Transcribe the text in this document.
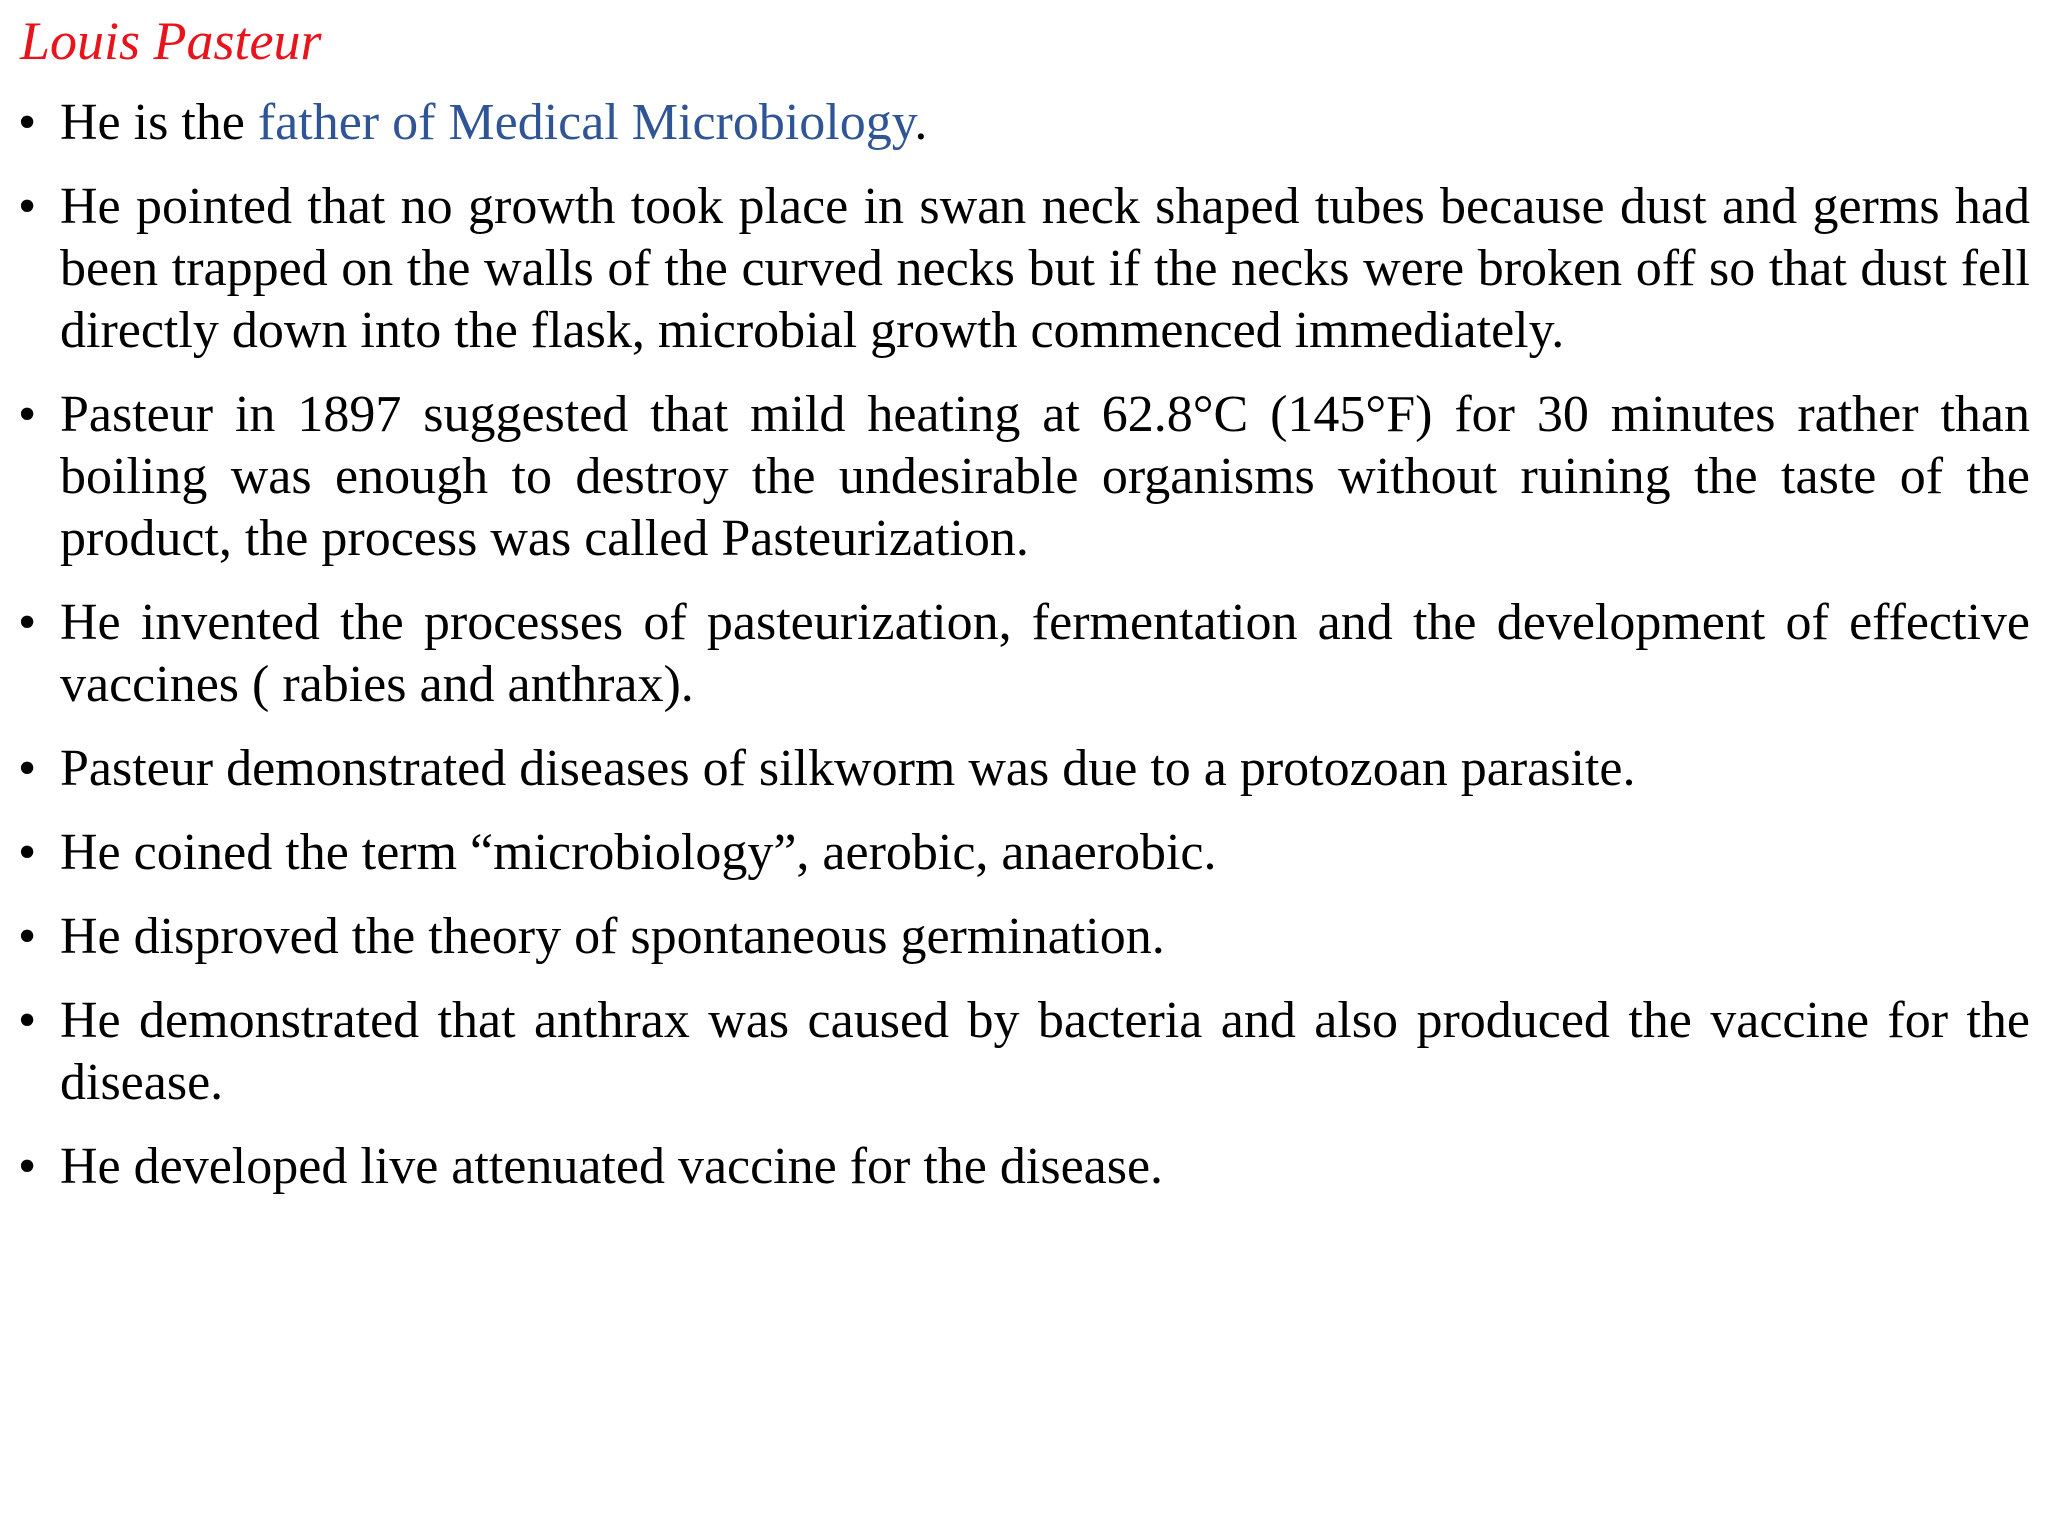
Louis Pasteur
• He is the father of Medical Microbiology.
• He pointed that no growth took place in swan neck shaped tubes because dust and germs had been trapped on the walls of the curved necks but if the necks were broken off so that dust fell directly down into the flask, microbial growth commenced immediately.
• Pasteur in 1897 suggested that mild heating at 62.8°C (145°F) for 30 minutes rather than boiling was enough to destroy the undesirable organisms without ruining the taste of the product, the process was called Pasteurization.
• He invented the processes of pasteurization, fermentation and the development of effective vaccines ( rabies and anthrax).
• Pasteur demonstrated diseases of silkworm was due to a protozoan parasite.
• He coined the term “microbiology”, aerobic, anaerobic.
• He disproved the theory of spontaneous germination.
• He demonstrated that anthrax was caused by bacteria and also produced the vaccine for the disease.
• He developed live attenuated vaccine for the disease.
